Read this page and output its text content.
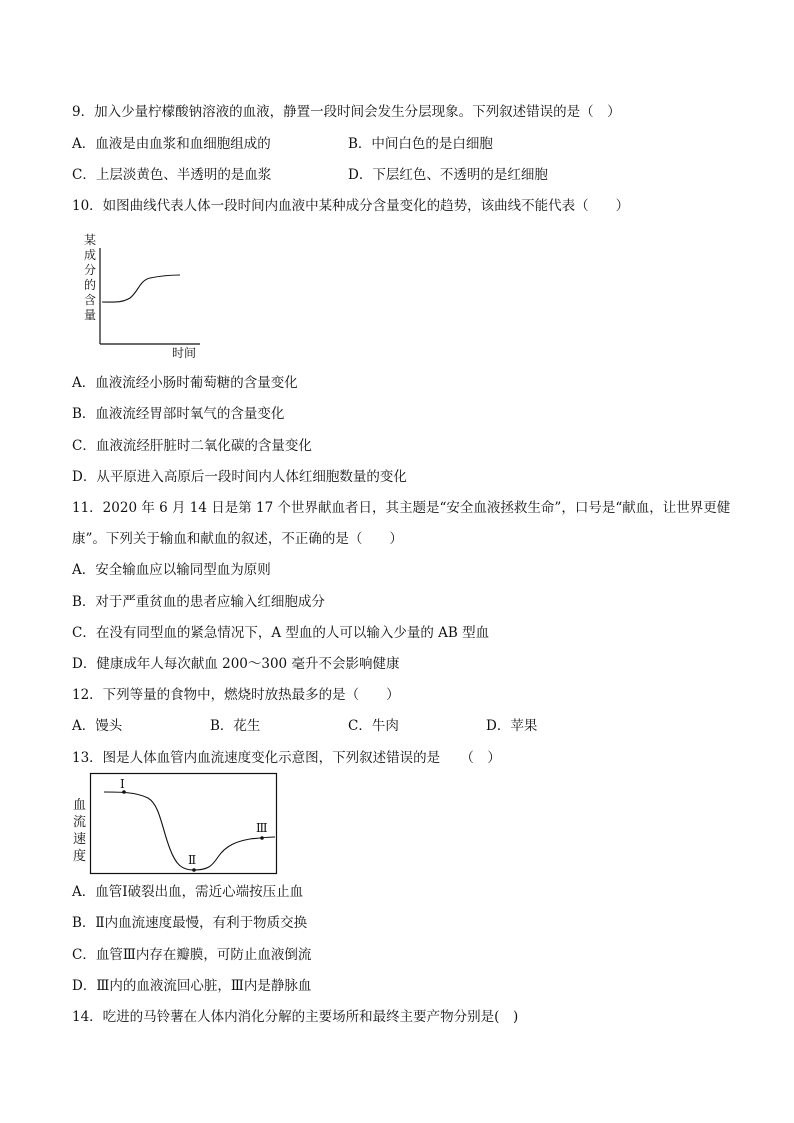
9．加入少量柠檬酸钠溶液的血液，静置一段时间会发生分层现象。下列叙述错误的是（　）
A．血液是由血浆和血细胞组成的	B．中间白色的是白细胞
C．上层淡黄色、半透明的是血浆	D．下层红色、不透明的是红细胞
10．如图曲线代表人体一段时间内血液中某种成分含量变化的趋势，该曲线不能代表（　　）
某
成
分
的
含
量
时间
A．血液流经小肠时葡萄糖的含量变化
B．血液流经胃部时氧气的含量变化
C．血液流经肝脏时二氧化碳的含量变化
D．从平原进入高原后一段时间内人体红细胞数量的变化
11．2020 年 6 月 14 日是第 17 个世界献血者日，其主题是“安全血液拯救生命”，口号是“献血，让世界更健
康”。下列关于输血和献血的叙述，不正确的是（　　）
A．安全输血应以输同型血为原则
B．对于严重贫血的患者应输入红细胞成分
C．在没有同型血的紧急情况下，A 型血的人可以输入少量的 AB 型血
D．健康成年人每次献血 200～300 毫升不会影响健康
12．下列等量的食物中，燃烧时放热最多的是（　　）
A．馒头	B．花生	C．牛肉	D．苹果
13．图是人体血管内血流速度变化示意图，下列叙述错误的是　　（　）
血
流
速
度
Ⅰ
Ⅱ
Ⅲ
A．血管Ⅰ破裂出血，需近心端按压止血
B．Ⅱ内血流速度最慢，有利于物质交换
C．血管Ⅲ内存在瓣膜，可防止血液倒流
D．Ⅲ内的血液流回心脏，Ⅲ内是静脉血
14．吃进的马铃薯在人体内消化分解的主要场所和最终主要产物分别是(　)
